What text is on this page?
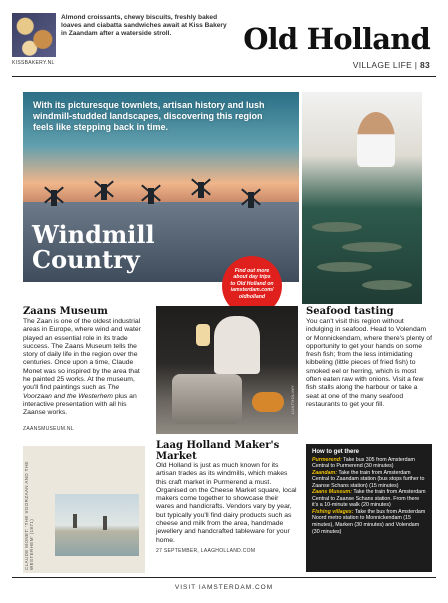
Almond croissants, chewy biscuits, freshly baked loaves and ciabatta sandwiches await at Kiss Bakery in Zaandam after a waterside stroll.
KISSBAKERY.NL
Old Holland
VILLAGE LIFE | 83
With its picturesque townlets, artisan history and lush windmill-studded landscapes, discovering this region feels like stepping back in time.
Windmill
Country	Find out more
about day trips
to Old Holland on
iamsterdam.com/
oldholland
Zaans Museum
The Zaan is one of the oldest industrial areas in Europe, where wind and water played an essential role in its trade success. The Zaans Museum tells the story of daily life in the region over the centuries. Once upon a time, Claude Monet was so inspired by the area that he painted 25 works. At the museum, you'll find paintings such as The Voorzaan and the Westerhem plus an interactive presentation with all his Zaanse works.
ZAANSMUSEUM.NL
LUNTHOLIWY
Seafood tasting
You can't visit this region without indulging in seafood. Head to Volendam or Monnickendam, where there's plenty of opportunity to get your hands on some fresh fish; from the less intimidating kibbeling (little pieces of fried fish) to smoked eel or herring, which is most often eaten raw with onions. Visit a few fish stalls along the harbour or take a seat at one of the many seafood restaurants to get your fill.
CLAUDE MONET: 'THE VOORZAAN AND THE WESTERHEM' (1871)
Laag Holland Maker's
Market
Old Holland is just as much known for its artisan trades as its windmills, which makes this craft market in Purmerend a must. Organised on the Cheese Market square, local makers come together to showcase their wares and handicrafts. Vendors vary by year, but typically you'll find dairy products such as cheese and milk from the area, handmade jewellery and handcrafted tableware for your home.
27 SEPTEMBER, LAAGHOLLAND.COM
How to get there
Purmerend: Take bus 305 from Amsterdam Central to Purmerend (30 minutes)
Zaandam: Take the train from Amsterdam Central to Zaandam station (bus stops further to Zaanse Schans station) (15 minutes)
Zaans Museum: Take the train from Amsterdam Central to Zaanse Schans station. From there it's a 10-minute walk (20 minutes)
Fishing villages: Take the bus from Amsterdam Noord metro station to Monnickendam (15 minutes), Marken (30 minutes) and Volendam (30 minutes)
VISIT IAMSTERDAM.COM
